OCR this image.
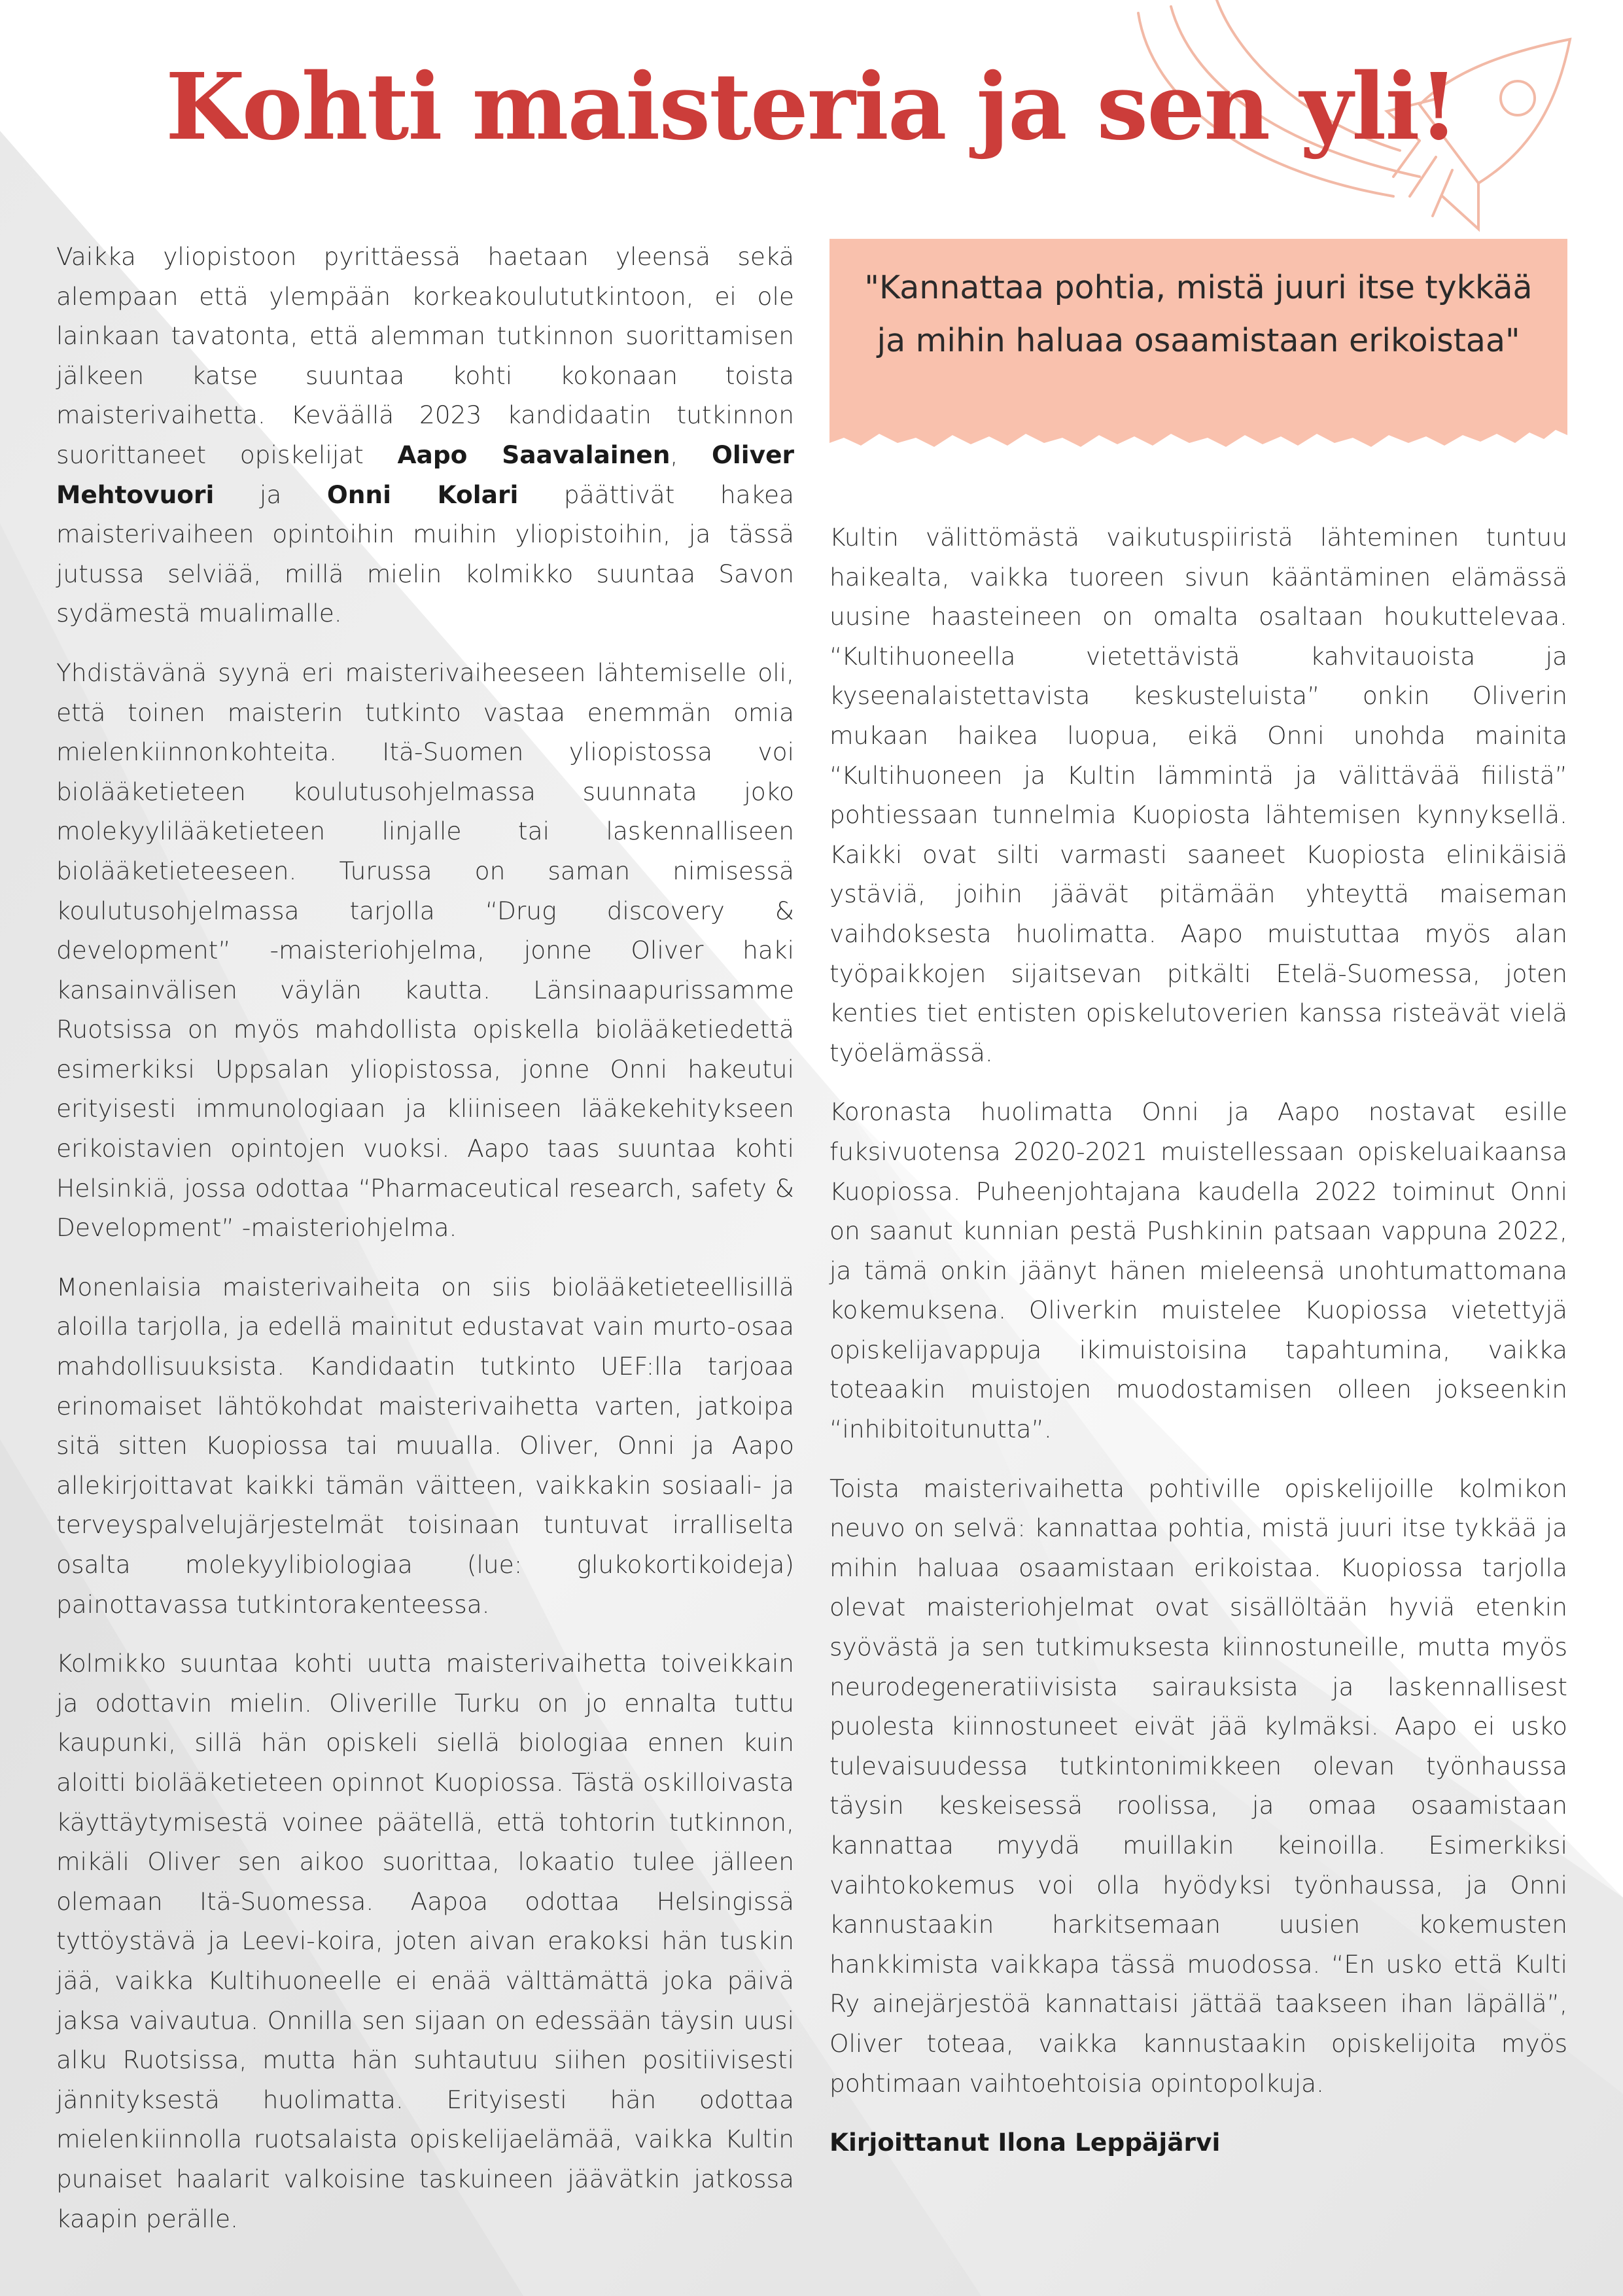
Kohti maisteria ja sen yli!

Vaikka yliopistoon pyrittäessä haetaan yleensä sekä alempaan että ylempään korkeakoulututkintoon, ei ole lainkaan tavatonta, että alemman tutkinnon suorittamisen jälkeen katse suuntaa kohti kokonaan toista maisterivaihetta. Keväällä 2023 kandidaatin tutkinnon suorittaneet opiskelijat Aapo Saavalainen, Oliver Mehtovuori ja Onni Kolari päättivät hakea maisterivaiheen opintoihin muihin yliopistoihin, ja tässä jutussa selviää, millä mielin kolmikko suuntaa Savon sydämestä mualimalle.

Yhdistävänä syynä eri maisterivaiheeseen lähtemiselle oli, että toinen maisterin tutkinto vastaa enemmän omia mielenkiinnonkohteita. Itä-Suomen yliopistossa voi biolääketieteen koulutusohjelmassa suunnata joko molekyylilääketieteen linjalle tai laskennalliseen biolääketieteeseen. Turussa on saman nimisessä koulutusohjelmassa tarjolla “Drug discovery & development” -maisteriohjelma, jonne Oliver haki kansainvälisen väylän kautta. Länsinaapurissamme Ruotsissa on myös mahdollista opiskella biolääketiedettä esimerkiksi Uppsalan yliopistossa, jonne Onni hakeutui erityisesti immunologiaan ja kliiniseen lääkekehitykseen erikoistavien opintojen vuoksi. Aapo taas suuntaa kohti Helsinkiä, jossa odottaa “Pharmaceutical research, safety & Development” -maisteriohjelma.

Monenlaisia maisterivaiheita on siis biolääketieteellisillä aloilla tarjolla, ja edellä mainitut edustavat vain murto-osaa mahdollisuuksista. Kandidaatin tutkinto UEF:lla tarjoaa erinomaiset lähtökohdat maisterivaihetta varten, jatkoipa sitä sitten Kuopiossa tai muualla. Oliver, Onni ja Aapo allekirjoittavat kaikki tämän väitteen, vaikkakin sosiaali- ja terveyspalvelujärjestelmät toisinaan tuntuvat irralliselta osalta molekyylibiologiaa (lue: glukokortikoideja) painottavassa tutkintorakenteessa.

Kolmikko suuntaa kohti uutta maisterivaihetta toiveikkain ja odottavin mielin. Oliverille Turku on jo ennalta tuttu kaupunki, sillä hän opiskeli siellä biologiaa ennen kuin aloitti biolääketieteen opinnot Kuopiossa. Tästä oskilloivasta käyttäytymisestä voinee päätellä, että tohtorin tutkinnon, mikäli Oliver sen aikoo suorittaa, lokaatio tulee jälleen olemaan Itä-Suomessa. Aapoa odottaa Helsingissä tyttöystävä ja Leevi-koira, joten aivan erakoksi hän tuskin jää, vaikka Kultihuoneelle ei enää välttämättä joka päivä jaksa vaivautua. Onnilla sen sijaan on edessään täysin uusi alku Ruotsissa, mutta hän suhtautuu siihen positiivisesti jännityksestä huolimatta. Erityisesti hän odottaa mielenkiinnolla ruotsalaista opiskelijaelämää, vaikka Kultin punaiset haalarit valkoisine taskuineen jäävätkin jatkossa kaapin perälle.

"Kannattaa pohtia, mistä juuri itse tykkää ja mihin haluaa osaamistaan erikoistaa"

Kultin välittömästä vaikutuspiiristä lähteminen tuntuu haikealta, vaikka tuoreen sivun kääntäminen elämässä uusine haasteineen on omalta osaltaan houkuttelevaa. “Kultihuoneella vietettävistä kahvitauoista ja kyseenalaistettavista keskusteluista” onkin Oliverin mukaan haikea luopua, eikä Onni unohda mainita “Kultihuoneen ja Kultin lämmintä ja välittävää fiilistä” pohtiessaan tunnelmia Kuopiosta lähtemisen kynnyksellä. Kaikki ovat silti varmasti saaneet Kuopiosta elinikäisiä ystäviä, joihin jäävät pitämään yhteyttä maiseman vaihdoksesta huolimatta. Aapo muistuttaa myös alan työpaikkojen sijaitsevan pitkälti Etelä-Suomessa, joten kenties tiet entisten opiskelutoverien kanssa risteävät vielä työelämässä.

Koronasta huolimatta Onni ja Aapo nostavat esille fuksivuotensa 2020-2021 muistellessaan opiskeluaikaansa Kuopiossa. Puheenjohtajana kaudella 2022 toiminut Onni on saanut kunnian pestä Pushkinin patsaan vappuna 2022, ja tämä onkin jäänyt hänen mieleensä unohtumattomana kokemuksena. Oliverkin muistelee Kuopiossa vietettyjä opiskelijavappuja ikimuistoisina tapahtumina, vaikka toteaakin muistojen muodostamisen olleen jokseenkin “inhibitoitunutta”.

Toista maisterivaihetta pohtiville opiskelijoille kolmikon neuvo on selvä: kannattaa pohtia, mistä juuri itse tykkää ja mihin haluaa osaamistaan erikoistaa. Kuopiossa tarjolla olevat maisteriohjelmat ovat sisällöltään hyviä etenkin syövästä ja sen tutkimuksesta kiinnostuneille, mutta myös neurodegeneratiivisista sairauksista ja laskennallisest puolesta kiinnostuneet eivät jää kylmäksi. Aapo ei usko tulevaisuudessa tutkintonimikkeen olevan työnhaussa täysin keskeisessä roolissa, ja omaa osaamistaan kannattaa myydä muillakin keinoilla. Esimerkiksi vaihtokokemus voi olla hyödyksi työnhaussa, ja Onni kannustaakin harkitsemaan uusien kokemusten hankkimista vaikkapa tässä muodossa. “En usko että Kulti Ry ainejärjestöä kannattaisi jättää taakseen ihan läpällä”, Oliver toteaa, vaikka kannustaakin opiskelijoita myös pohtimaan vaihtoehtoisia opintopolkuja.

Kirjoittanut Ilona Leppäjärvi
